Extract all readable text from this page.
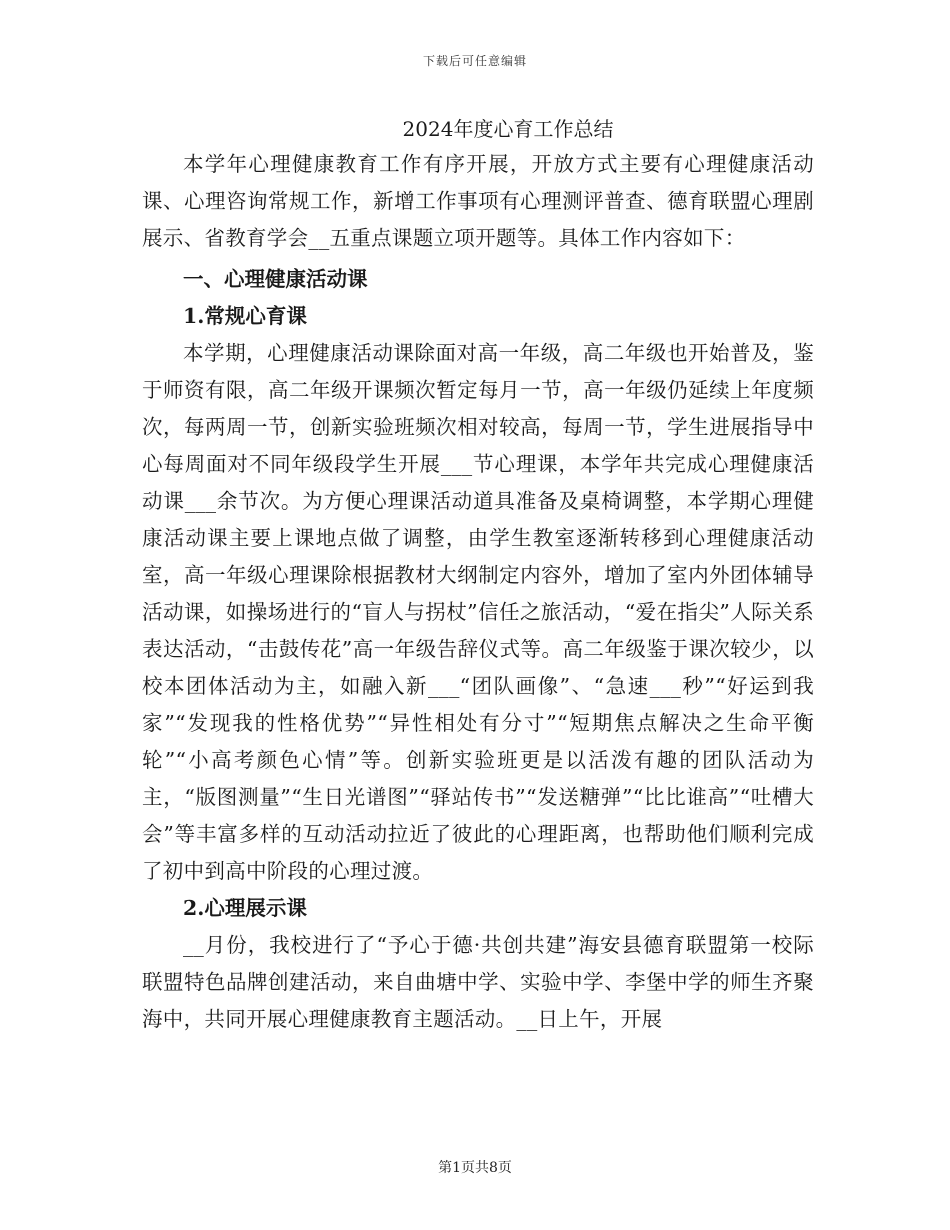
下载后可任意编辑
2024年度心育工作总结

本学年心理健康教育工作有序开展，开放方式主要有心理健康活动课、心理咨询常规工作，新增工作事项有心理测评普查、德育联盟心理剧展示、省教育学会__五重点课题立项开题等。具体工作内容如下：

一、心理健康活动课

1.常规心育课

本学期，心理健康活动课除面对高一年级，高二年级也开始普及，鉴于师资有限，高二年级开课频次暂定每月一节，高一年级仍延续上年度频次，每两周一节，创新实验班频次相对较高，每周一节，学生进展指导中心每周面对不同年级段学生开展___节心理课，本学年共完成心理健康活动课___余节次。为方便心理课活动道具准备及桌椅调整，本学期心理健康活动课主要上课地点做了调整，由学生教室逐渐转移到心理健康活动室，高一年级心理课除根据教材大纲制定内容外，增加了室内外团体辅导活动课，如操场进行的“盲人与拐杖”信任之旅活动，“爱在指尖”人际关系表达活动，“击鼓传花”高一年级告辞仪式等。高二年级鉴于课次较少，以校本团体活动为主，如融入新___“团队画像”、“急速___秒”“好运到我家”“发现我的性格优势”“异性相处有分寸”“短期焦点解决之生命平衡轮”“小高考颜色心情”等。创新实验班更是以活泼有趣的团队活动为主，“版图测量”“生日光谱图”“驿站传书”“发送糖弹”“比比谁高”“吐槽大会”等丰富多样的互动活动拉近了彼此的心理距离，也帮助他们顺利完成了初中到高中阶段的心理过渡。

2.心理展示课

__月份，我校进行了“予心于德·共创共建”海安县德育联盟第一校际联盟特色品牌创建活动，来自曲塘中学、实验中学、李堡中学的师生齐聚海中，共同开展心理健康教育主题活动。__日上午，开展

第1页共8页
